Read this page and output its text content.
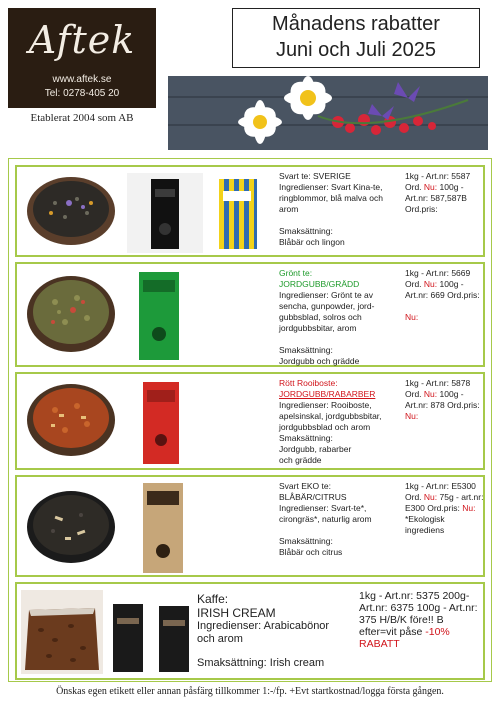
Aftek
www.aftek.se
Tel: 0278-405 20
Etablerat 2004 som AB
Månadens rabatter
Juni och Juli 2025
Svart te: SVERIGE
Ingredienser: Svart Kina-te,
ringblommor, blå malva och
arom
Smaksättning:
Blåbär och lingon
1kg - Art.nr: 5587 Ord. Nu: 100g - Art.nr: 587,587B Ord.pris:
Grönt te:
JORDGUBB/GRÄDD
Ingredienser: Grönt te av
sencha, gunpowder, jord-
gubbsblad, solros och
jordgubbsbitar, arom
Smaksättning:
Jordgubb och grädde
1kg - Art.nr: 5669 Ord. Nu: 100g - Art.nr: 669 Ord.pris:
Nu:
Rött Rooiboste:
JORDGUBB/RABARBER
Ingredienser: Rooiboste,
apelsinskal, jordgubbsbitar,
jordgubbsblad och arom
Smaksättning:
Jordgubb, rabarber
och grädde
1kg - Art.nr: 5878 Ord. Nu: 100g - Art.nr: 878 Ord.pris: Nu:
Svart EKO te:
BLÅBÄR/CITRUS
Ingredienser: Svart-te*,
cirongräs*, naturlig arom
Smaksättning:
Blåbär och citrus
1kg - Art.nr: E5300 Ord. Nu: 75g - art.nr: E300 Ord.pris: Nu: *Ekologisk ingrediens
Kaffe:
IRISH CREAM
Ingredienser: Arabicabönor
och arom
Smaksättning: Irish cream
1kg - Art.nr: 5375 200g- Art.nr: 6375 100g - Art.nr: 375 H/B/K före!! B efter=vit påse -10% RABATT
Önskas egen etikett eller annan påsfärg tillkommer 1:-/fp. +Evt startkostnad/logga första gången.
